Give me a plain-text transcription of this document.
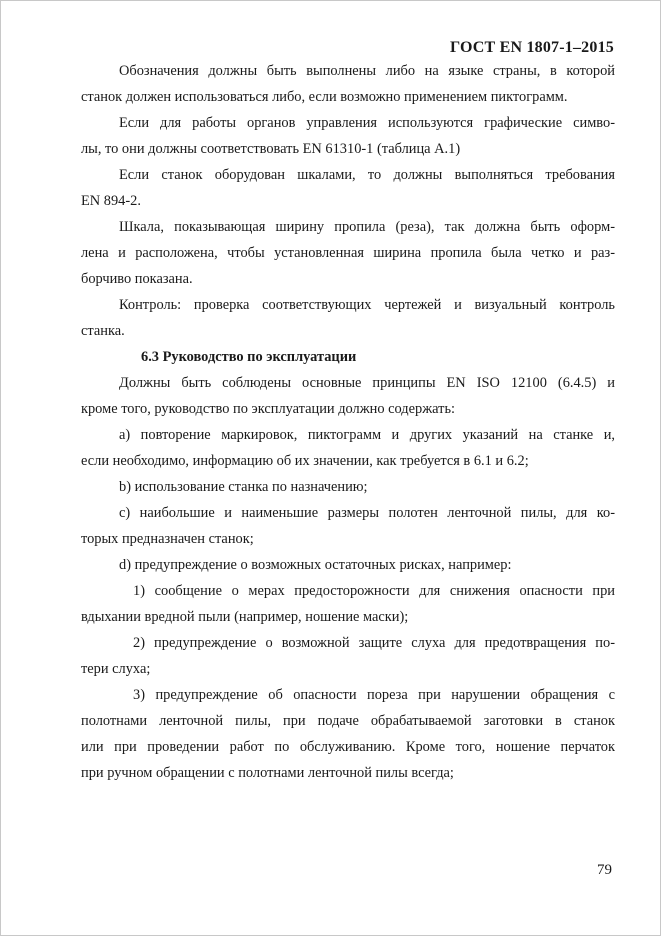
ГОСТ EN 1807-1–2015
Обозначения должны быть выполнены либо на языке страны, в которой
станок должен использоваться либо, если возможно применением пиктограмм.
Если для работы органов управления используются графические симво-
лы, то они должны соответствовать EN 61310-1 (таблица А.1)
Если станок оборудован шкалами, то должны выполняться требования
EN 894-2.
Шкала, показывающая ширину пропила (реза), так должна быть оформ-
лена и расположена, чтобы установленная ширина пропила была четко и раз-
борчиво показана.
Контроль: проверка соответствующих чертежей и визуальный контроль
станка.
6.3 Руководство по эксплуатации
Должны быть соблюдены основные принципы EN ISO 12100 (6.4.5) и
кроме того, руководство по эксплуатации должно содержать:
а) повторение маркировок, пиктограмм и других указаний на станке и,
если необходимо, информацию об их значении, как требуется в 6.1 и 6.2;
b) использование станка по назначению;
с) наибольшие и наименьшие размеры полотен ленточной пилы, для ко-
торых предназначен станок;
d) предупреждение о возможных остаточных рисках, например:
1) сообщение о мерах предосторожности для снижения опасности при
вдыхании вредной пыли (например, ношение маски);
2) предупреждение о возможной защите слуха для предотвращения по-
тери слуха;
3) предупреждение об опасности пореза при нарушении обращения с
полотнами ленточной пилы, при подаче обрабатываемой заготовки в станок
или при проведении работ по обслуживанию. Кроме того, ношение перчаток
при ручном обращении с полотнами ленточной пилы всегда;
79
